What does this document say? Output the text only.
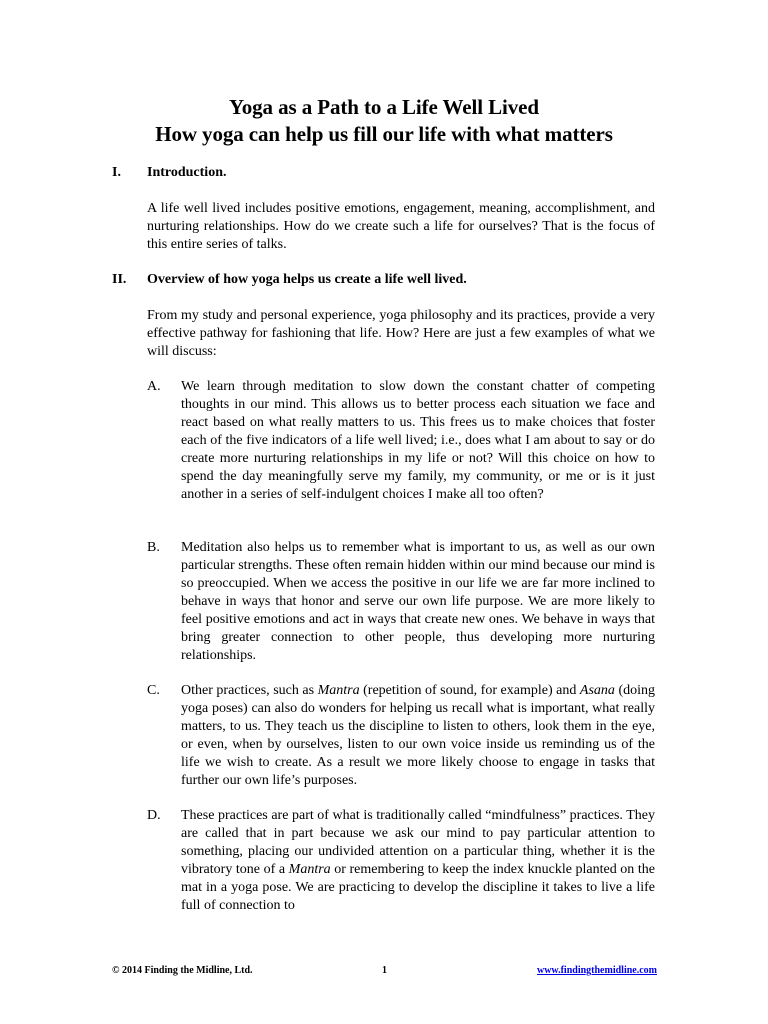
Yoga as a Path to a Life Well Lived
How yoga can help us fill our life with what matters
I.	Introduction.
A life well lived includes positive emotions, engagement, meaning, accomplishment, and nurturing relationships. How do we create such a life for ourselves? That is the focus of this entire series of talks.
II.	Overview of how yoga helps us create a life well lived.
From my study and personal experience, yoga philosophy and its practices, provide a very effective pathway for fashioning that life. How? Here are just a few examples of what we will discuss:
A.	We learn through meditation to slow down the constant chatter of competing thoughts in our mind. This allows us to better process each situation we face and react based on what really matters to us. This frees us to make choices that foster each of the five indicators of a life well lived; i.e., does what I am about to say or do create more nurturing relationships in my life or not? Will this choice on how to spend the day meaningfully serve my family, my community, or me or is it just another in a series of self-indulgent choices I make all too often?
B.	Meditation also helps us to remember what is important to us, as well as our own particular strengths. These often remain hidden within our mind because our mind is so preoccupied. When we access the positive in our life we are far more inclined to behave in ways that honor and serve our own life purpose. We are more likely to feel positive emotions and act in ways that create new ones. We behave in ways that bring greater connection to other people, thus developing more nurturing relationships.
C.	Other practices, such as Mantra (repetition of sound, for example) and Asana (doing yoga poses) can also do wonders for helping us recall what is important, what really matters, to us. They teach us the discipline to listen to others, look them in the eye, or even, when by ourselves, listen to our own voice inside us reminding us of the life we wish to create. As a result we more likely choose to engage in tasks that further our own life’s purposes.
D.	These practices are part of what is traditionally called “mindfulness” practices. They are called that in part because we ask our mind to pay particular attention to something, placing our undivided attention on a particular thing, whether it is the vibratory tone of a Mantra or remembering to keep the index knuckle planted on the mat in a yoga pose. We are practicing to develop the discipline it takes to live a life full of connection to
© 2014 Finding the Midline, Ltd.	1	www.findingthemidline.com
